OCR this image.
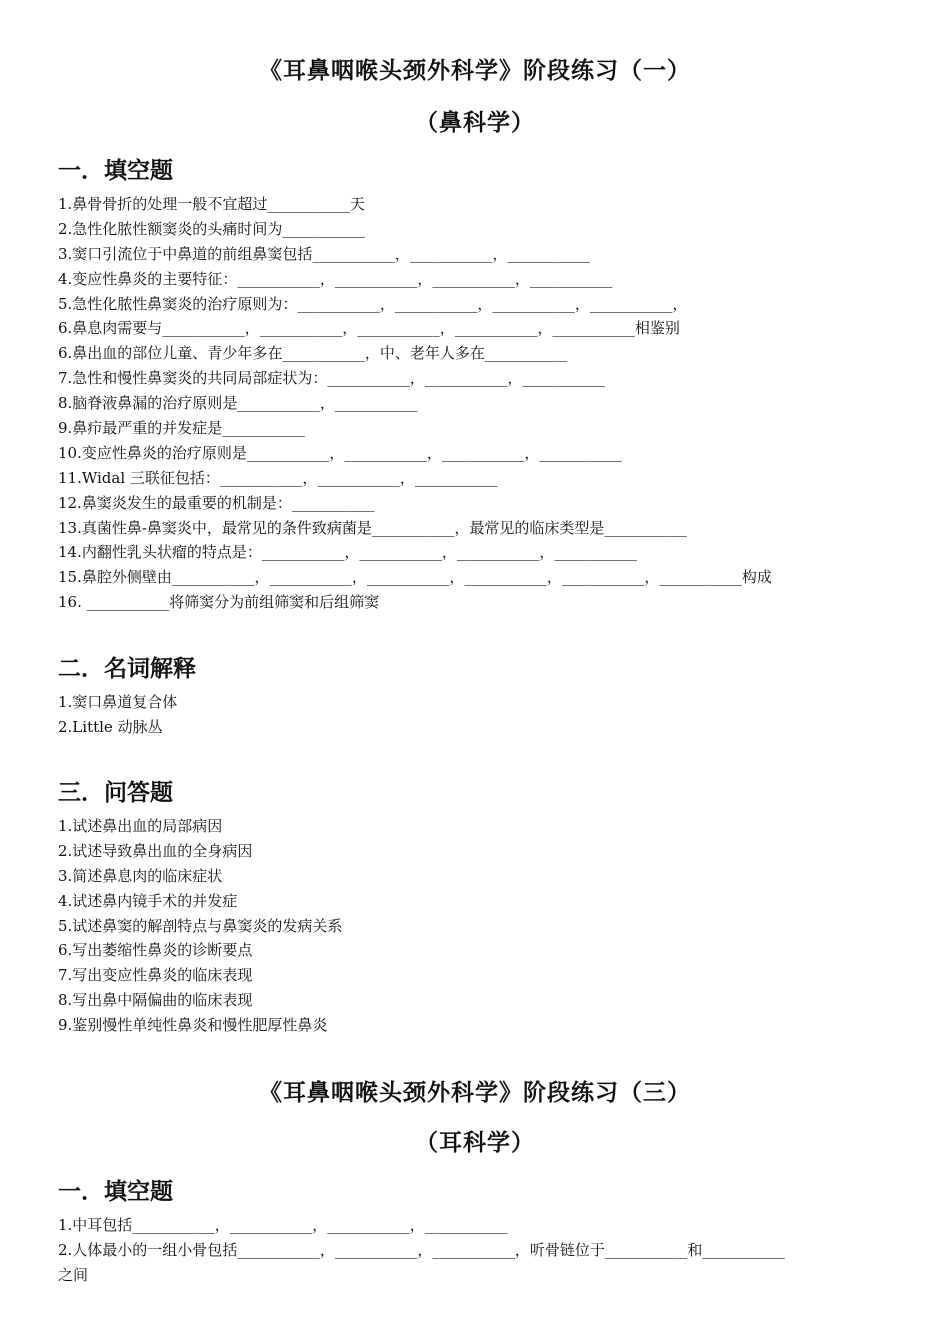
《耳鼻咽喉头颈外科学》阶段练习（一）
（鼻科学）
一．填空题
1.鼻骨骨折的处理一般不宜超过___________天
2.急性化脓性额窦炎的头痛时间为___________
3.窦口引流位于中鼻道的前组鼻窦包括___________，___________，___________
4.变应性鼻炎的主要特征：___________，___________，___________，___________
5.急性化脓性鼻窦炎的治疗原则为：___________，___________，___________，___________，
6.鼻息肉需要与___________，___________，___________，___________，___________相鉴别
6.鼻出血的部位儿童、青少年多在___________，中、老年人多在___________
7.急性和慢性鼻窦炎的共同局部症状为：___________，___________，___________
8.脑脊液鼻漏的治疗原则是___________，___________
9.鼻疖最严重的并发症是___________
10.变应性鼻炎的治疗原则是___________，___________，___________，___________
11.Widal 三联征包括：___________，___________，___________
12.鼻窦炎发生的最重要的机制是：___________
13.真菌性鼻-鼻窦炎中，最常见的条件致病菌是___________，最常见的临床类型是___________
14.内翻性乳头状瘤的特点是：___________，___________，___________，___________
15.鼻腔外侧壁由___________，___________，___________，___________，___________，___________构成
16. ___________将筛窦分为前组筛窦和后组筛窦
二．名词解释
1.窦口鼻道复合体
2.Little 动脉丛
三．问答题
1.试述鼻出血的局部病因
2.试述导致鼻出血的全身病因
3.简述鼻息肉的临床症状
4.试述鼻内镜手术的并发症
5.试述鼻窦的解剖特点与鼻窦炎的发病关系
6.写出萎缩性鼻炎的诊断要点
7.写出变应性鼻炎的临床表现
8.写出鼻中隔偏曲的临床表现
9.鉴别慢性单纯性鼻炎和慢性肥厚性鼻炎
《耳鼻咽喉头颈外科学》阶段练习（三）
（耳科学）
一．填空题
1.中耳包括___________，___________，___________，___________
2.人体最小的一组小骨包括___________，___________，___________，听骨链位于___________和___________
之间
